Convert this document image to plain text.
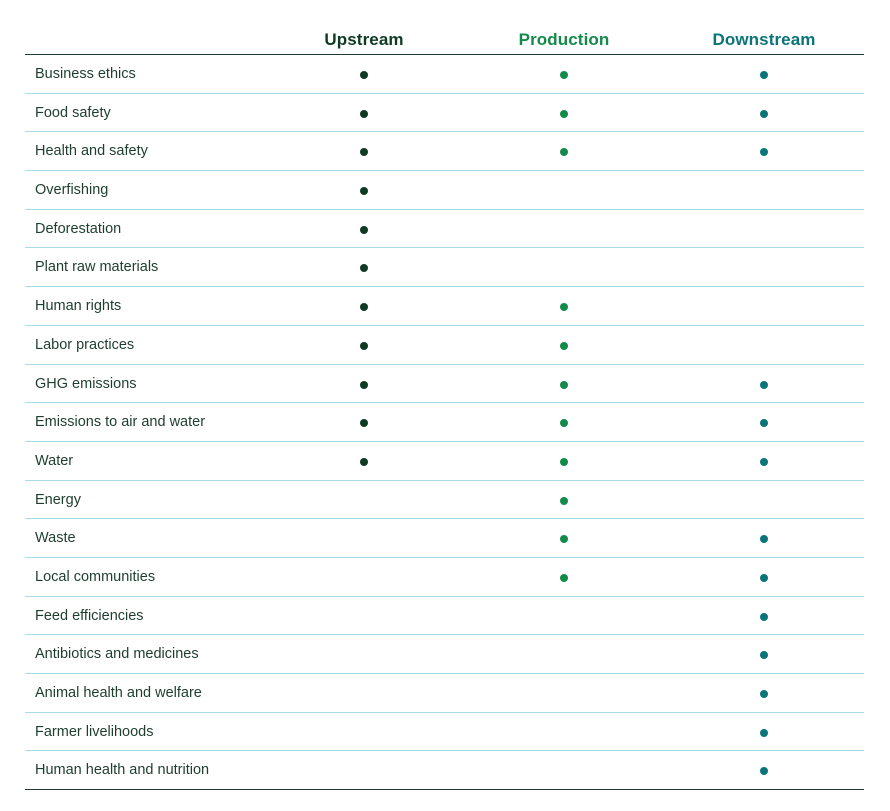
Upstream	Production	Downstream
Business ethics
Food safety
Health and safety
Overfishing
Deforestation
Plant raw materials
Human rights
Labor practices
GHG emissions
Emissions to air and water
Water
Energy
Waste
Local communities
Feed efficiencies
Antibiotics and medicines
Animal health and welfare
Farmer livelihoods
Human health and nutrition
